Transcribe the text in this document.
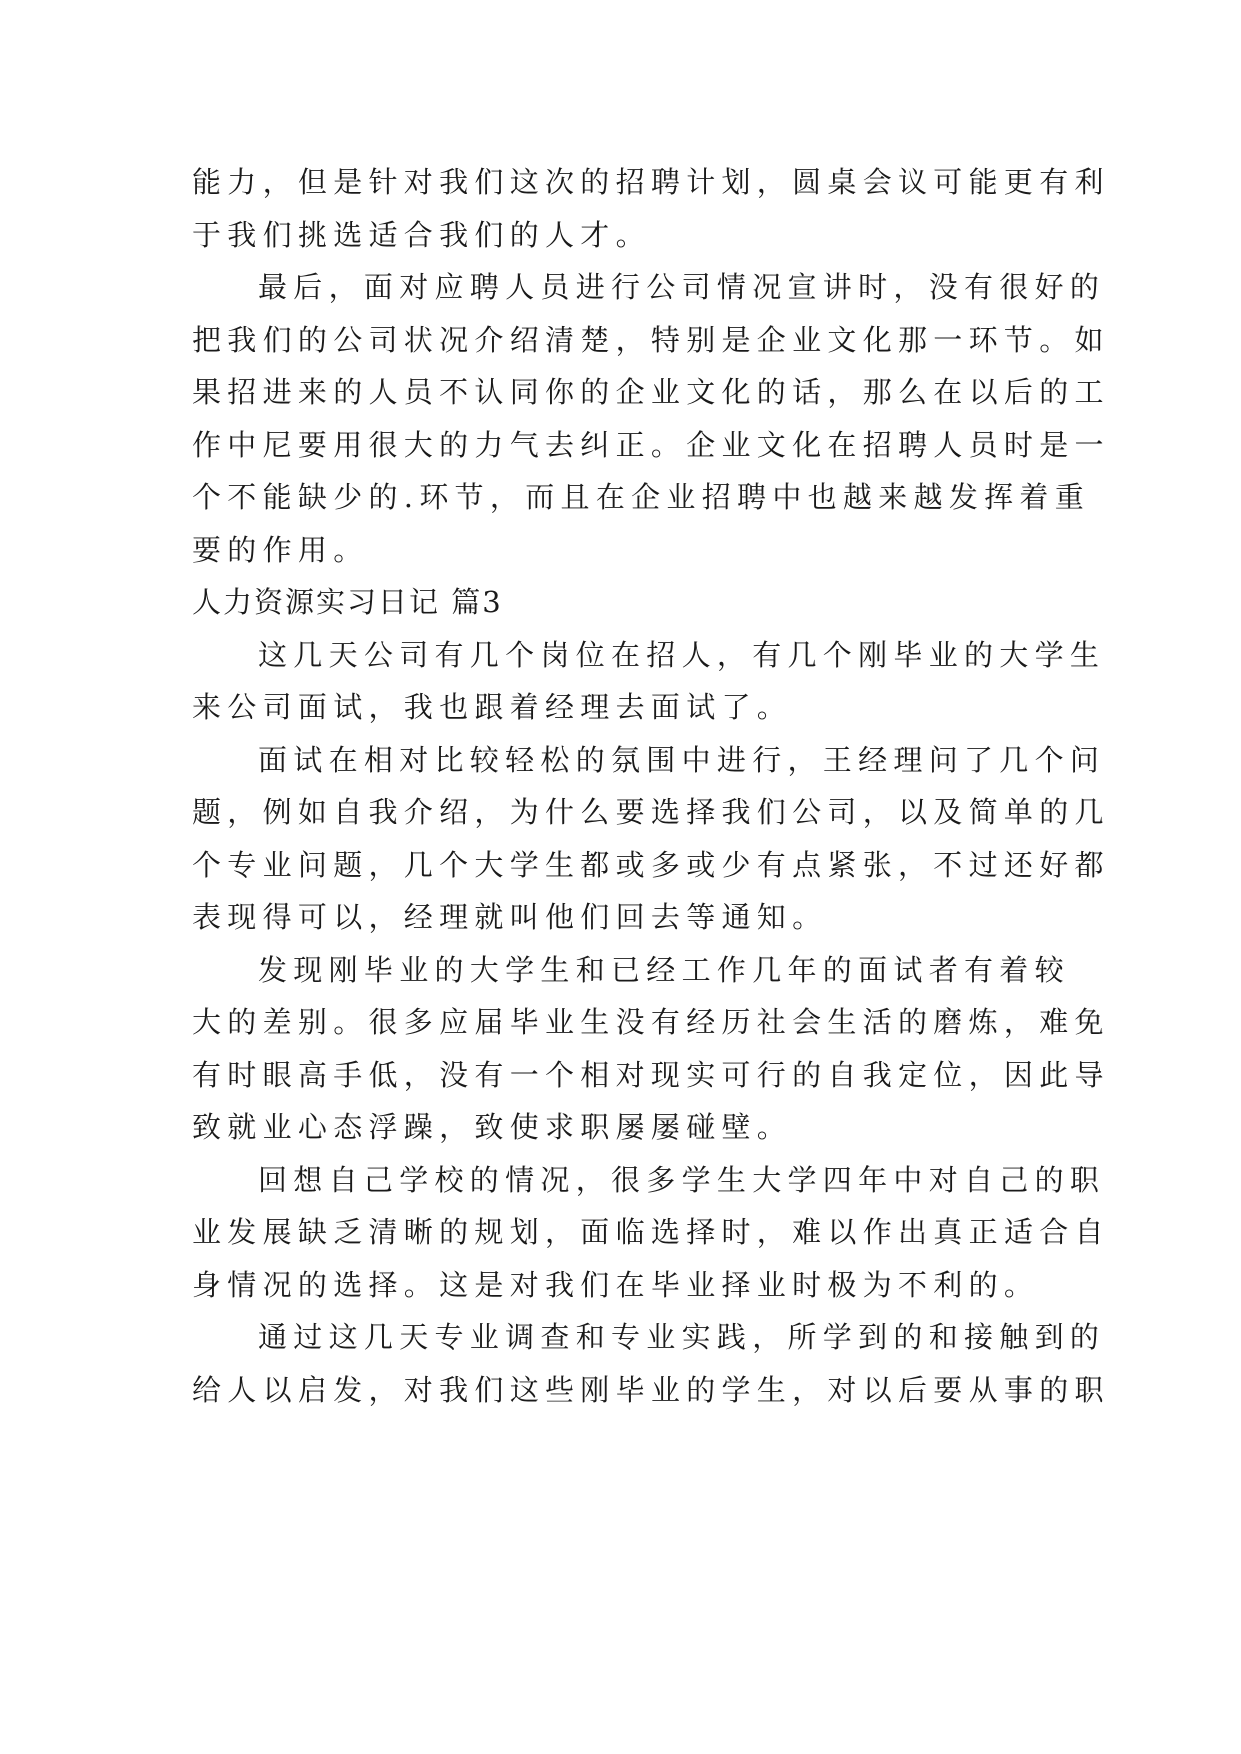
能力，但是针对我们这次的招聘计划，圆桌会议可能更有利
于我们挑选适合我们的人才。
最后，面对应聘人员进行公司情况宣讲时，没有很好的
把我们的公司状况介绍清楚，特别是企业文化那一环节。如
果招进来的人员不认同你的企业文化的话，那么在以后的工
作中尼要用很大的力气去纠正。企业文化在招聘人员时是一
个不能缺少的.环节，而且在企业招聘中也越来越发挥着重
要的作用。
人力资源实习日记 篇3
这几天公司有几个岗位在招人，有几个刚毕业的大学生
来公司面试，我也跟着经理去面试了。
面试在相对比较轻松的氛围中进行，王经理问了几个问
题，例如自我介绍，为什么要选择我们公司，以及简单的几
个专业问题，几个大学生都或多或少有点紧张，不过还好都
表现得可以，经理就叫他们回去等通知。
发现刚毕业的大学生和已经工作几年的面试者有着较
大的差别。很多应届毕业生没有经历社会生活的磨炼，难免
有时眼高手低，没有一个相对现实可行的自我定位，因此导
致就业心态浮躁，致使求职屡屡碰壁。
回想自己学校的情况，很多学生大学四年中对自己的职
业发展缺乏清晰的规划，面临选择时，难以作出真正适合自
身情况的选择。这是对我们在毕业择业时极为不利的。
通过这几天专业调查和专业实践，所学到的和接触到的
给人以启发，对我们这些刚毕业的学生，对以后要从事的职
